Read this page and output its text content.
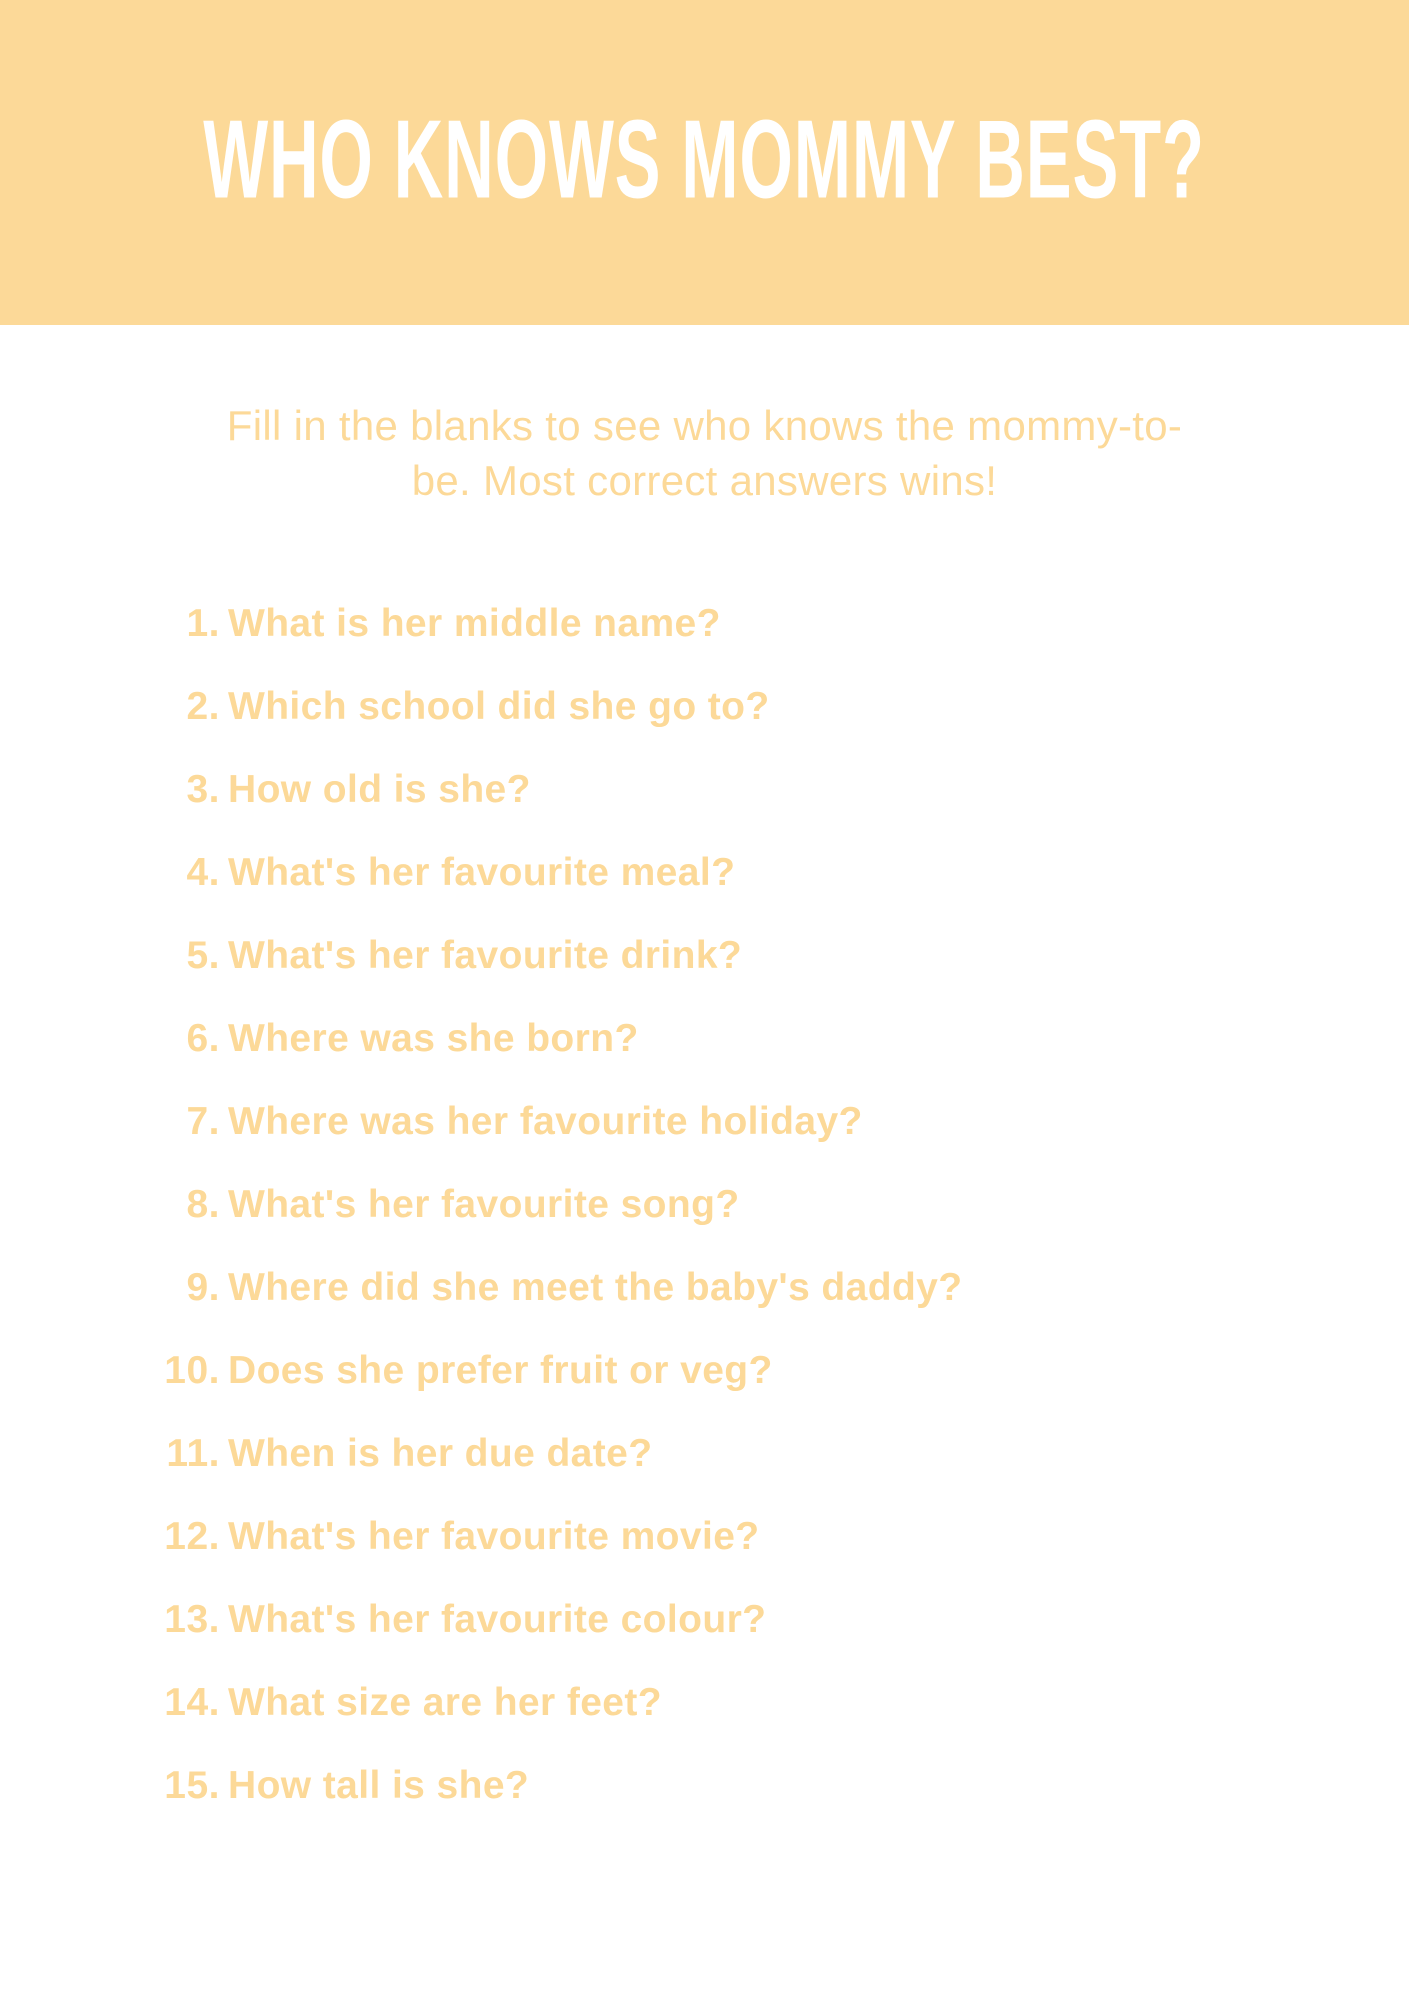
WHO KNOWS MOMMY BEST?
Fill in the blanks to see who knows the mommy-to-be. Most correct answers wins!
1. What is her middle name?
2. Which school did she go to?
3. How old is she?
4. What's her favourite meal?
5. What's her favourite drink?
6. Where was she born?
7. Where was her favourite holiday?
8. What's her favourite song?
9. Where did she meet the baby's daddy?
10. Does she prefer fruit or veg?
11. When is her due date?
12. What's her favourite movie?
13. What's her favourite colour?
14. What size are her feet?
15. How tall is she?
